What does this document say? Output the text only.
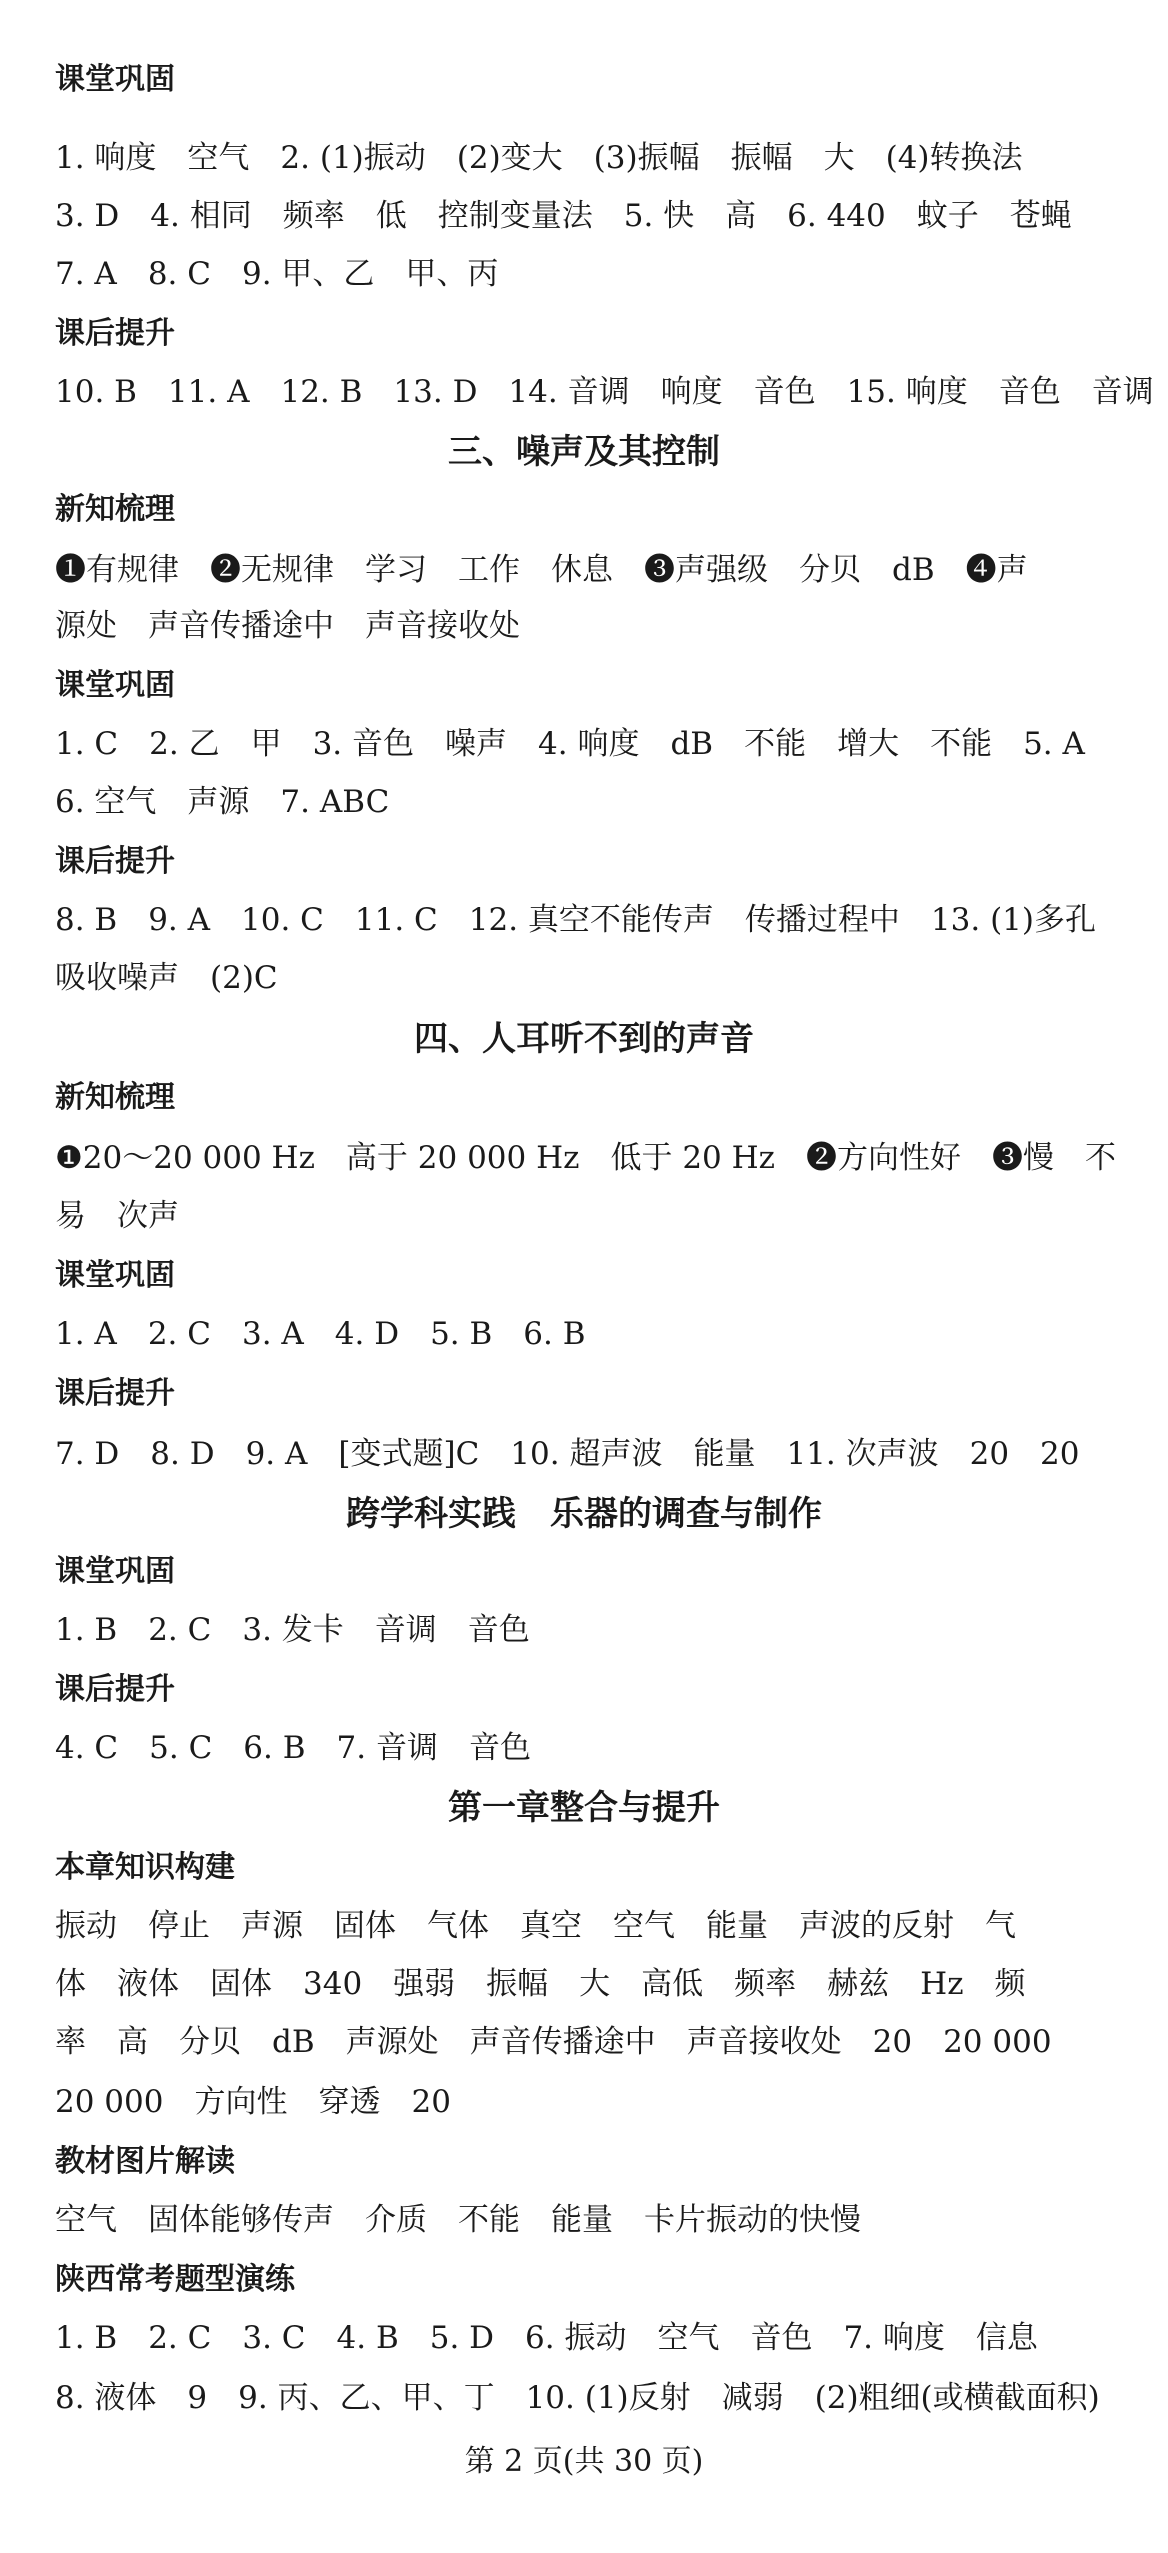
课堂巩固
1. 响度　空气　2. (1)振动　(2)变大　(3)振幅　振幅　大　(4)转换法
3. D　4. 相同　频率　低　控制变量法　5. 快　高　6. 440　蚊子　苍蝇
7. A　8. C　9. 甲、乙　甲、丙
课后提升
10. B　11. A　12. B　13. D　14. 音调　响度　音色　15. 响度　音色　音调
三、噪声及其控制
新知梳理
❶有规律　❷无规律　学习　工作　休息　❸声强级　分贝　dB　❹声
源处　声音传播途中　声音接收处
课堂巩固
1. C　2. 乙　甲　3. 音色　噪声　4. 响度　dB　不能　增大　不能　5. A
6. 空气　声源　7. ABC
课后提升
8. B　9. A　10. C　11. C　12. 真空不能传声　传播过程中　13. (1)多孔
吸收噪声　(2)C
四、人耳听不到的声音
新知梳理
❶20～20 000 Hz　高于 20 000 Hz　低于 20 Hz　❷方向性好　❸慢　不
易　次声
课堂巩固
1. A　2. C　3. A　4. D　5. B　6. B
课后提升
7. D　8. D　9. A　[变式题]C　10. 超声波　能量　11. 次声波　20　20
跨学科实践　乐器的调查与制作
课堂巩固
1. B　2. C　3. 发卡　音调　音色
课后提升
4. C　5. C　6. B　7. 音调　音色
第一章整合与提升
本章知识构建
振动　停止　声源　固体　气体　真空　空气　能量　声波的反射　气
体　液体　固体　340　强弱　振幅　大　高低　频率　赫兹　Hz　频
率　高　分贝　dB　声源处　声音传播途中　声音接收处　20　20 000
20 000　方向性　穿透　20
教材图片解读
空气　固体能够传声　介质　不能　能量　卡片振动的快慢
陕西常考题型演练
1. B　2. C　3. C　4. B　5. D　6. 振动　空气　音色　7. 响度　信息
8. 液体　9　9. 丙、乙、甲、丁　10. (1)反射　减弱　(2)粗细(或横截面积)
第 2 页(共 30 页)
